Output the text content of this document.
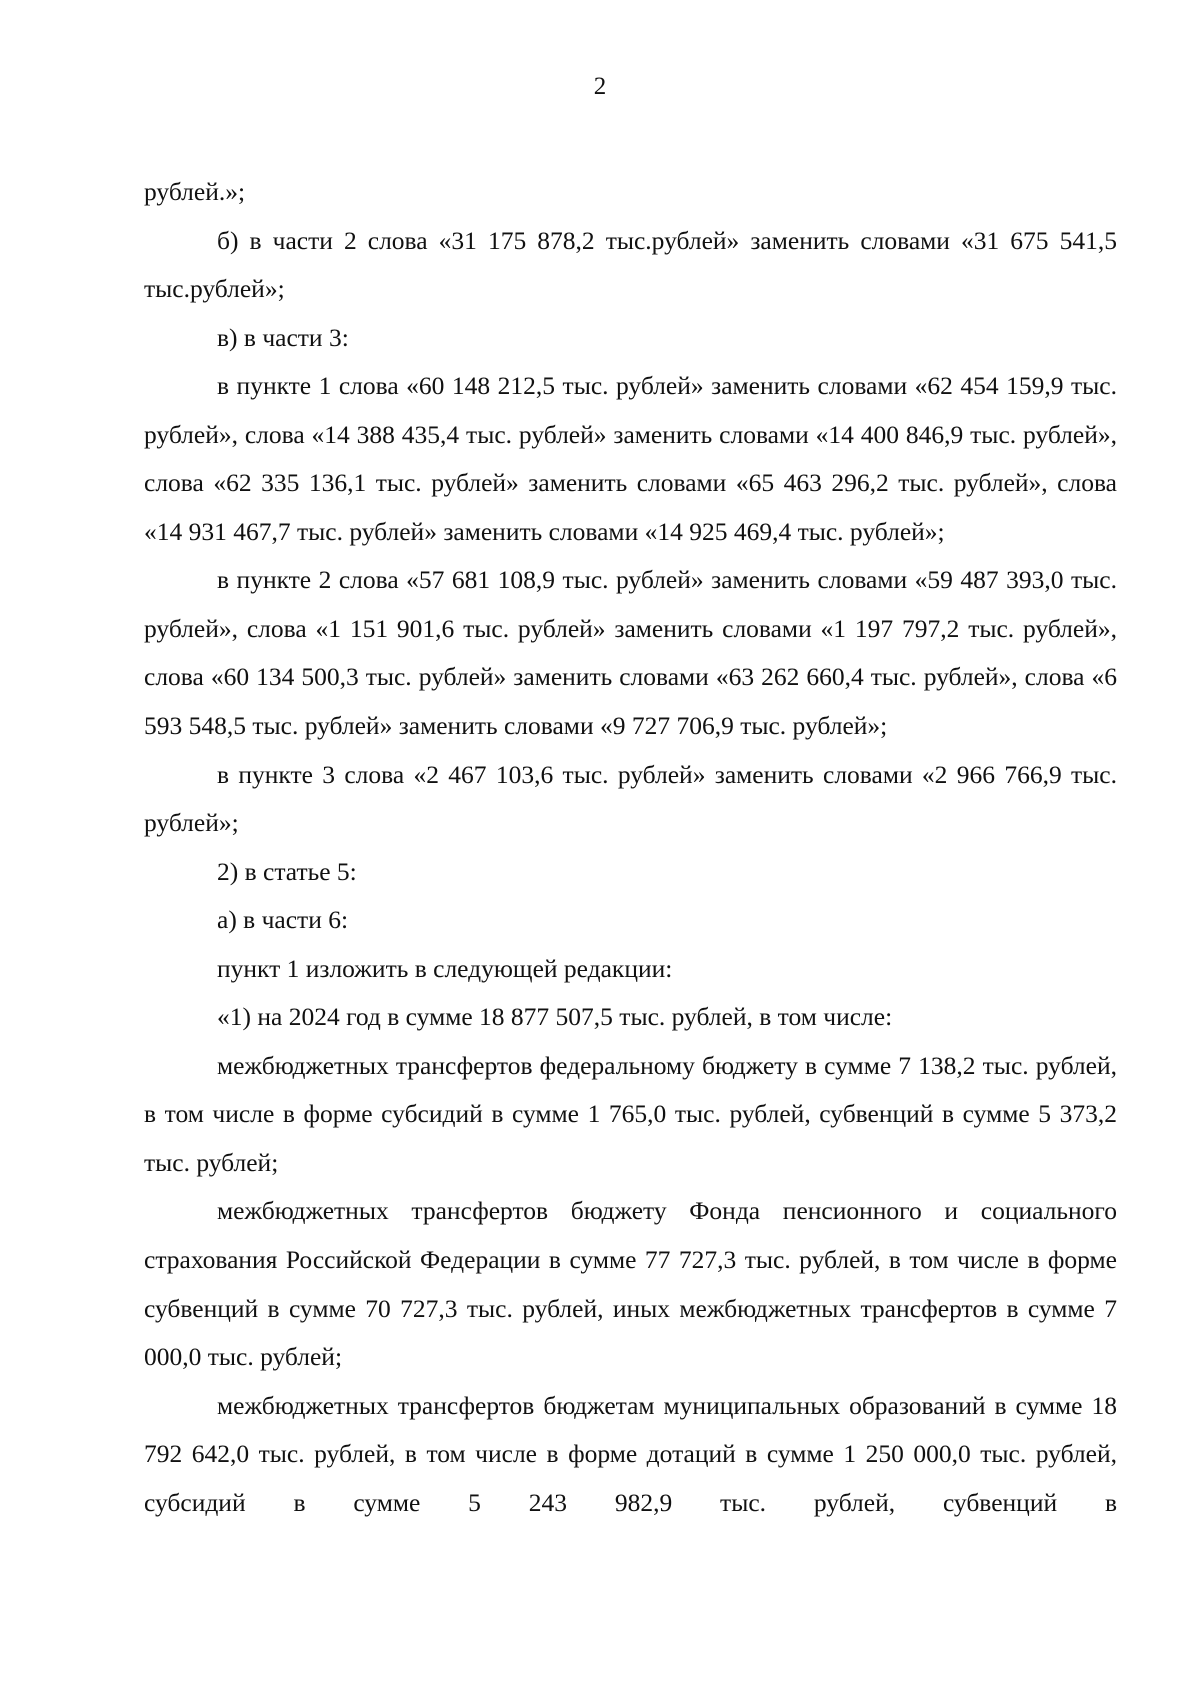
2

рублей.»;

б) в части 2 слова «31 175 878,2 тыс.рублей» заменить словами «31 675 541,5 тыс.рублей»;

в) в части 3:

в пункте 1 слова «60 148 212,5 тыс. рублей» заменить словами «62 454 159,9 тыс. рублей», слова «14 388 435,4 тыс. рублей» заменить словами «14 400 846,9 тыс. рублей», слова «62 335 136,1 тыс. рублей» заменить словами «65 463 296,2 тыс. рублей», слова «14 931 467,7 тыс. рублей» заменить словами «14 925 469,4 тыс. рублей»;

в пункте 2 слова «57 681 108,9 тыс. рублей» заменить словами «59 487 393,0 тыс. рублей», слова «1 151 901,6 тыс. рублей» заменить словами «1 197 797,2 тыс. рублей», слова «60 134 500,3 тыс. рублей» заменить словами «63 262 660,4 тыс. рублей», слова «6 593 548,5 тыс. рублей» заменить словами «9 727 706,9 тыс. рублей»;

в пункте 3 слова «2 467 103,6 тыс. рублей» заменить словами «2 966 766,9 тыс. рублей»;

2) в статье 5:

а) в части 6:

пункт 1 изложить в следующей редакции:

«1) на 2024 год в сумме 18 877 507,5 тыс. рублей, в том числе:

межбюджетных трансфертов федеральному бюджету в сумме 7 138,2 тыс. рублей, в том числе в форме субсидий в сумме 1 765,0 тыс. рублей, субвенций в сумме 5 373,2 тыс. рублей;

межбюджетных трансфертов бюджету Фонда пенсионного и социального страхования Российской Федерации в сумме 77 727,3 тыс. рублей, в том числе в форме субвенций в сумме 70 727,3 тыс. рублей, иных межбюджетных трансфертов в сумме 7 000,0 тыс. рублей;

межбюджетных трансфертов бюджетам муниципальных образований в сумме 18 792 642,0 тыс. рублей, в том числе в форме дотаций в сумме 1 250 000,0 тыс. рублей, субсидий в сумме 5 243 982,9 тыс. рублей, субвенций в
